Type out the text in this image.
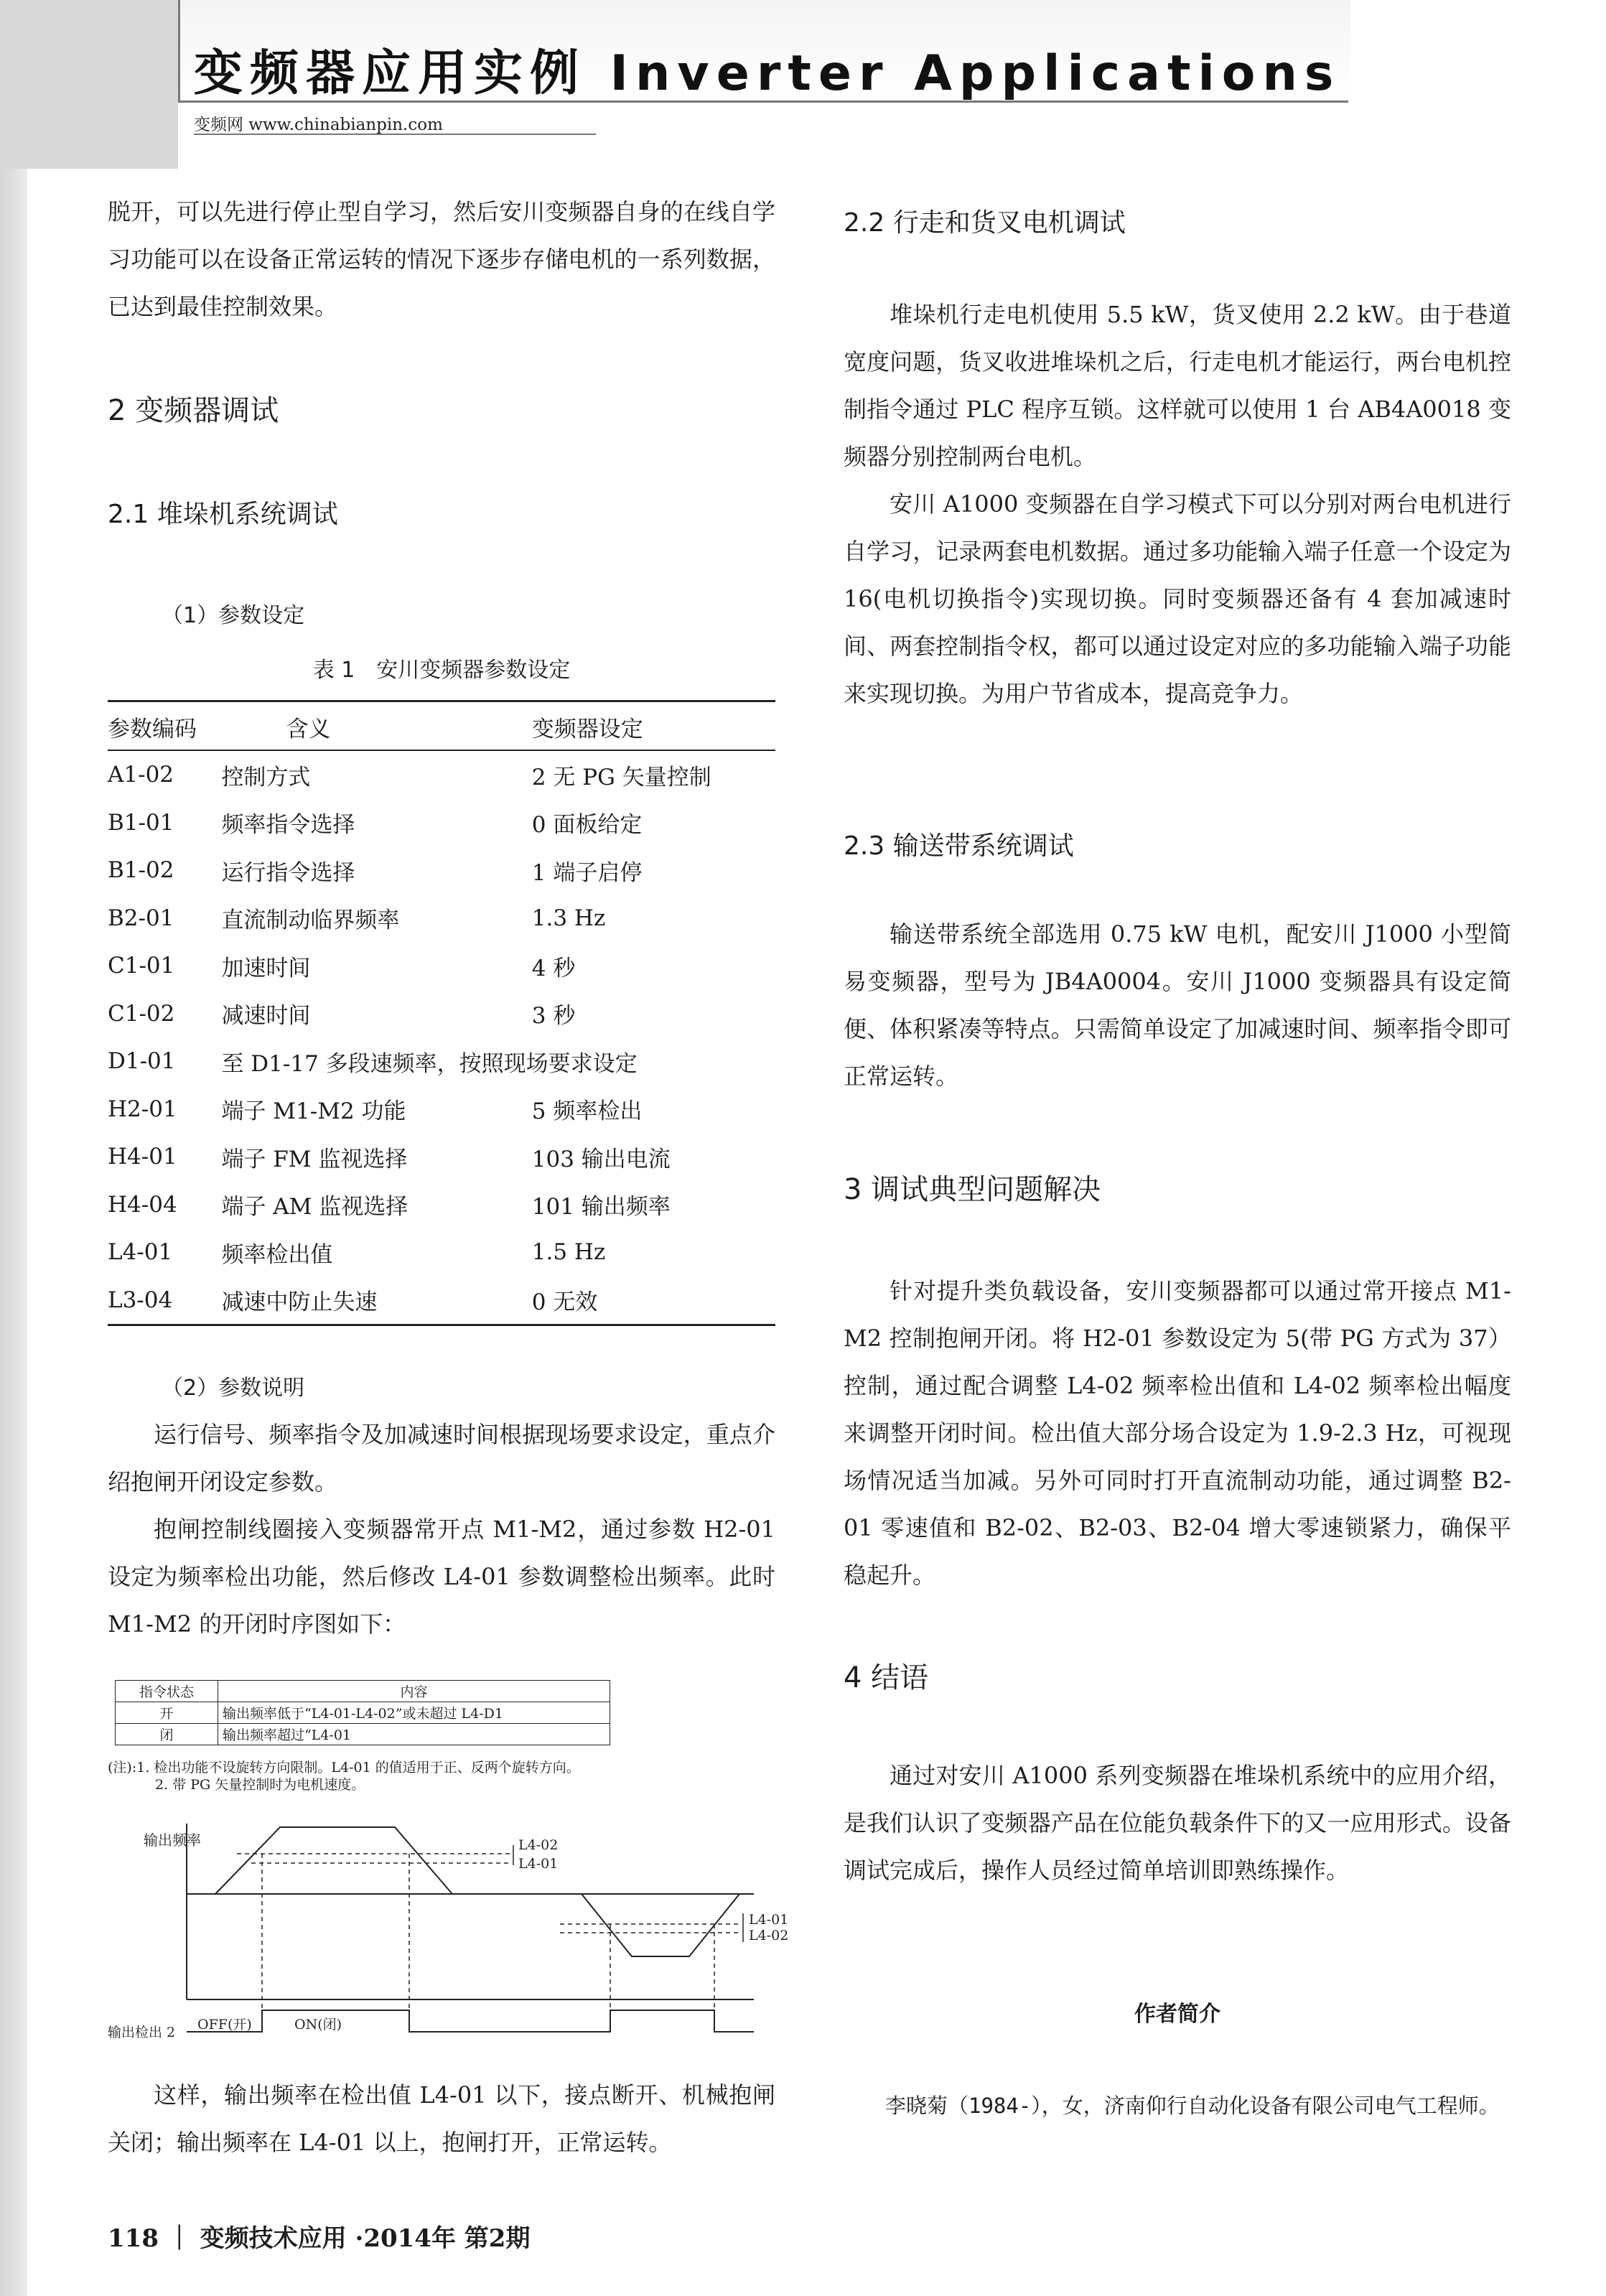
变频器应用实例 Inverter Applications
变频网 www.chinabianpin.com

脱开，可以先进行停止型自学习，然后安川变频器自身的在线自学习功能可以在设备正常运转的情况下逐步存储电机的一系列数据，已达到最佳控制效果。

2 变频器调试
2.1 堆垛机系统调试
（1）参数设定
表 1　安川变频器参数设定
参数编码	含义	变频器设定
A1-02	控制方式	2 无 PG 矢量控制
B1-01	频率指令选择	0 面板给定
B1-02	运行指令选择	1 端子启停
B2-01	直流制动临界频率	1.3 Hz
C1-01	加速时间	4 秒
C1-02	减速时间	3 秒
D1-01	至 D1-17 多段速频率，按照现场要求设定	
H2-01	端子 M1-M2 功能	5 频率检出
H4-01	端子 FM 监视选择	103 输出电流
H4-04	端子 AM 监视选择	101 输出频率
L4-01	频率检出值	1.5 Hz
L3-04	减速中防止失速	0 无效
（2）参数说明

运行信号、频率指令及加减速时间根据现场要求设定，重点介绍抱闸开闭设定参数。

抱闸控制线圈接入变频器常开点 M1-M2，通过参数 H2-01 设定为频率检出功能，然后修改 L4-01 参数调整检出频率。此时 M1-M2 的开闭时序图如下：

指令状态	内容
开	输出频率低于“L4-01-L4-02”或未超过 L4-D1
闭	输出频率超过“L4-01
(注):1. 检出功能不设旋转方向限制。L4-01 的值适用于正、反两个旋转方向。
2. 带 PG 矢量控制时为电机速度。
输出频率	L4-02
L4-01
L4-01
L4-02
输出检出 2 OFF(开)	ON(闭)

这样，输出频率在检出值 L4-01 以下，接点断开、机械抱闸关闭；输出频率在 L4-01 以上，抱闸打开，正常运转。

2.2 行走和货叉电机调试

堆垛机行走电机使用 5.5 kW，货叉使用 2.2 kW。由于巷道宽度问题，货叉收进堆垛机之后，行走电机才能运行，两台电机控制指令通过 PLC 程序互锁。这样就可以使用 1 台 AB4A0018 变频器分别控制两台电机。

安川 A1000 变频器在自学习模式下可以分别对两台电机进行自学习，记录两套电机数据。通过多功能输入端子任意一个设定为 16(电机切换指令)实现切换。同时变频器还备有 4 套加减速时间、两套控制指令权，都可以通过设定对应的多功能输入端子功能来实现切换。为用户节省成本，提高竞争力。

2.3 输送带系统调试

输送带系统全部选用 0.75 kW 电机，配安川 J1000 小型简易变频器，型号为 JB4A0004。安川 J1000 变频器具有设定简便、体积紧凑等特点。只需简单设定了加减速时间、频率指令即可正常运转。

3 调试典型问题解决

针对提升类负载设备，安川变频器都可以通过常开接点 M1-M2 控制抱闸开闭。将 H2-01 参数设定为 5(带 PG 方式为 37）控制，通过配合调整 L4-02 频率检出值和 L4-02 频率检出幅度来调整开闭时间。检出值大部分场合设定为 1.9-2.3 Hz，可视现场情况适当加减。另外可同时打开直流制动功能，通过调整 B2-01 零速值和 B2-02、B2-03、B2-04 增大零速锁紧力，确保平稳起升。

4 结语

通过对安川 A1000 系列变频器在堆垛机系统中的应用介绍，是我们认识了变频器产品在位能负载条件下的又一应用形式。设备调试完成后，操作人员经过简单培训即熟练操作。

作者简介

李晓菊（1984-），女，济南仰行自动化设备有限公司电气工程师。

118 ｜ 变频技术应用 ·2014年 第2期
